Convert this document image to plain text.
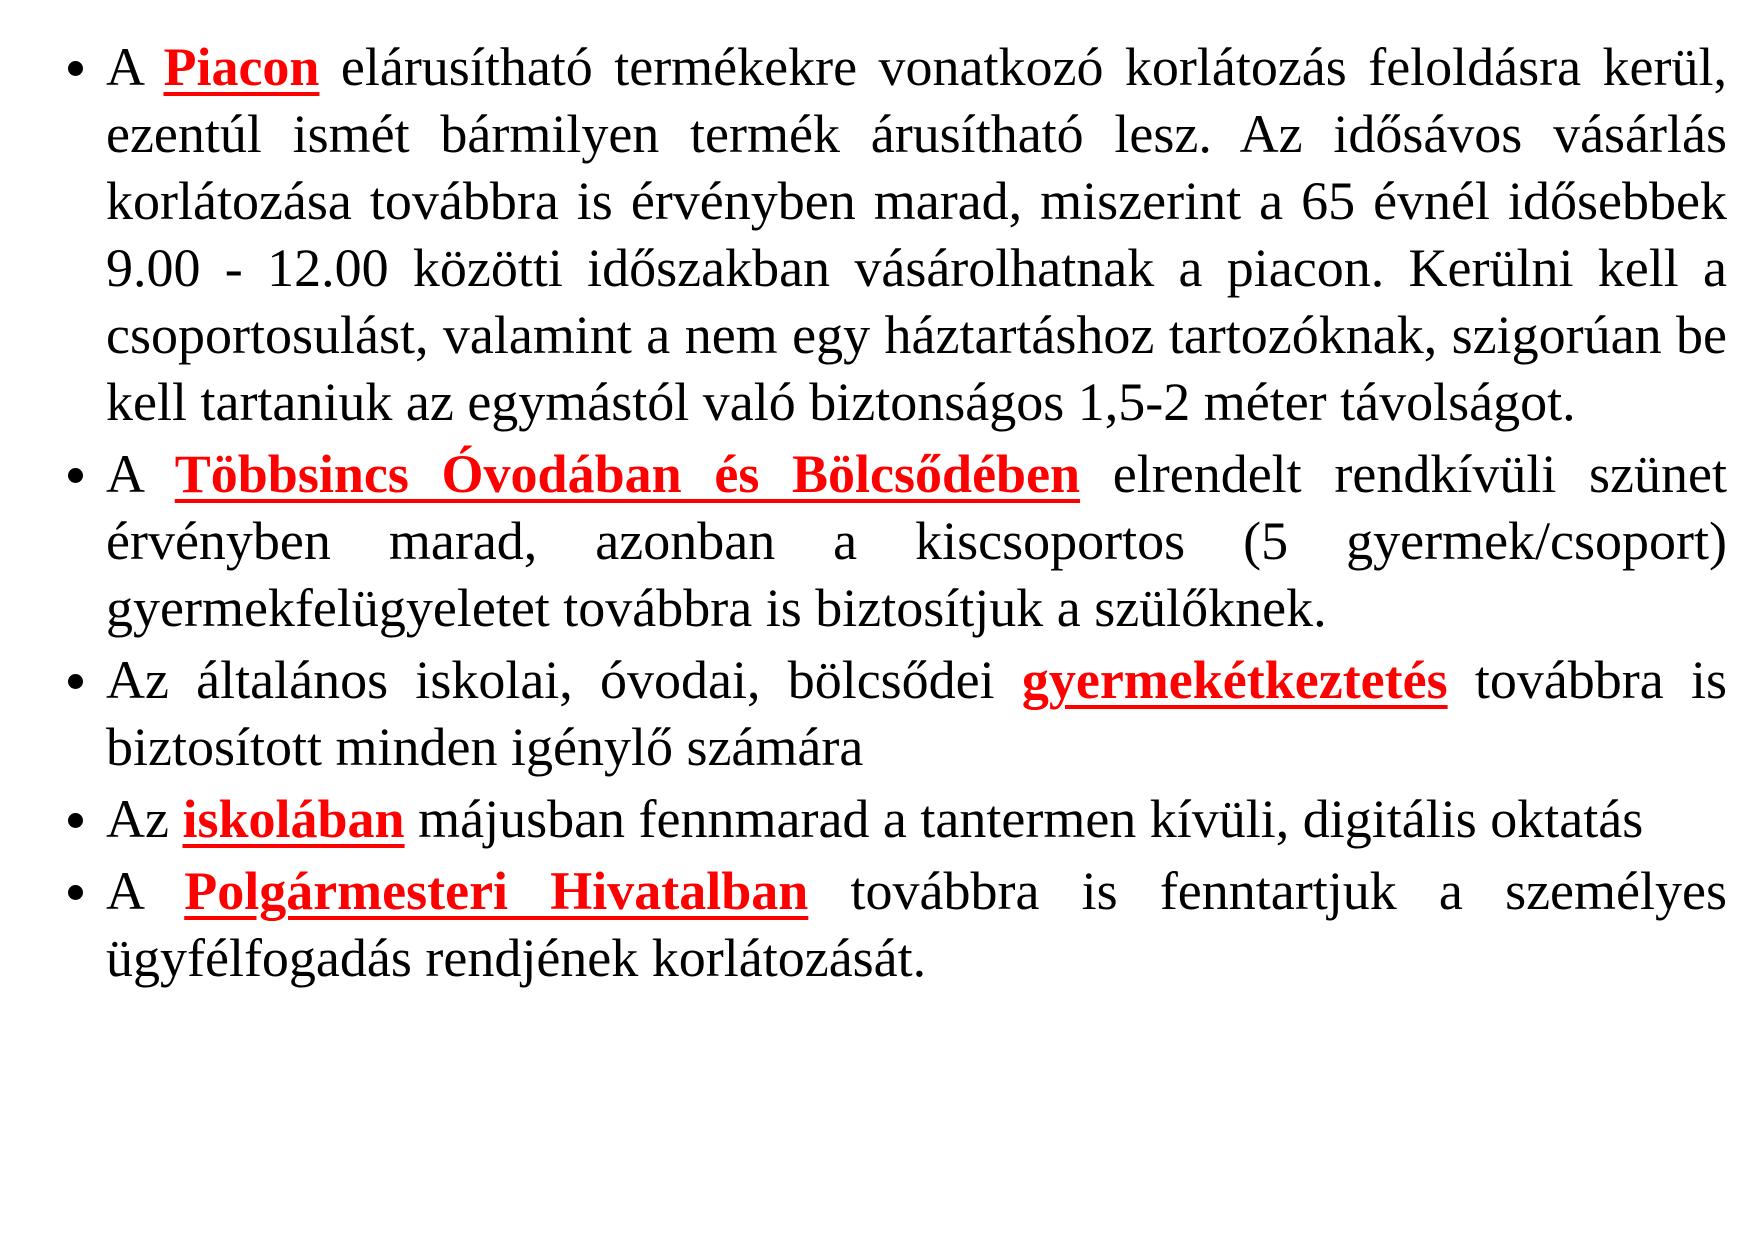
A Piacon elárusítható termékekre vonatkozó korlátozás feloldásra kerül, ezentúl ismét bármilyen termék árusítható lesz. Az idősávos vásárlás korlátozása továbbra is érvényben marad, miszerint a 65 évnél idősebbek 9.00 - 12.00 közötti időszakban vásárolhatnak a piacon. Kerülni kell a csoportosulást, valamint a nem egy háztartáshoz tartozóknak, szigorúan be kell tartaniuk az egymástól való biztonságos 1,5-2 méter távolságot.
A Többsincs Óvodában és Bölcsődében elrendelt rendkívüli szünet érvényben marad, azonban a kiscsoportos (5 gyermek/csoport) gyermekfelügyeletet továbbra is biztosítjuk a szülőknek.
Az általános iskolai, óvodai, bölcsődei gyermekétkeztetés továbbra is biztosított minden igénylő számára
Az iskolában májusban fennmarad a tantermen kívüli, digitális oktatás
A Polgármesteri Hivatalban továbbra is fenntartjuk a személyes ügyfélfogadás rendjének korlátozását.
